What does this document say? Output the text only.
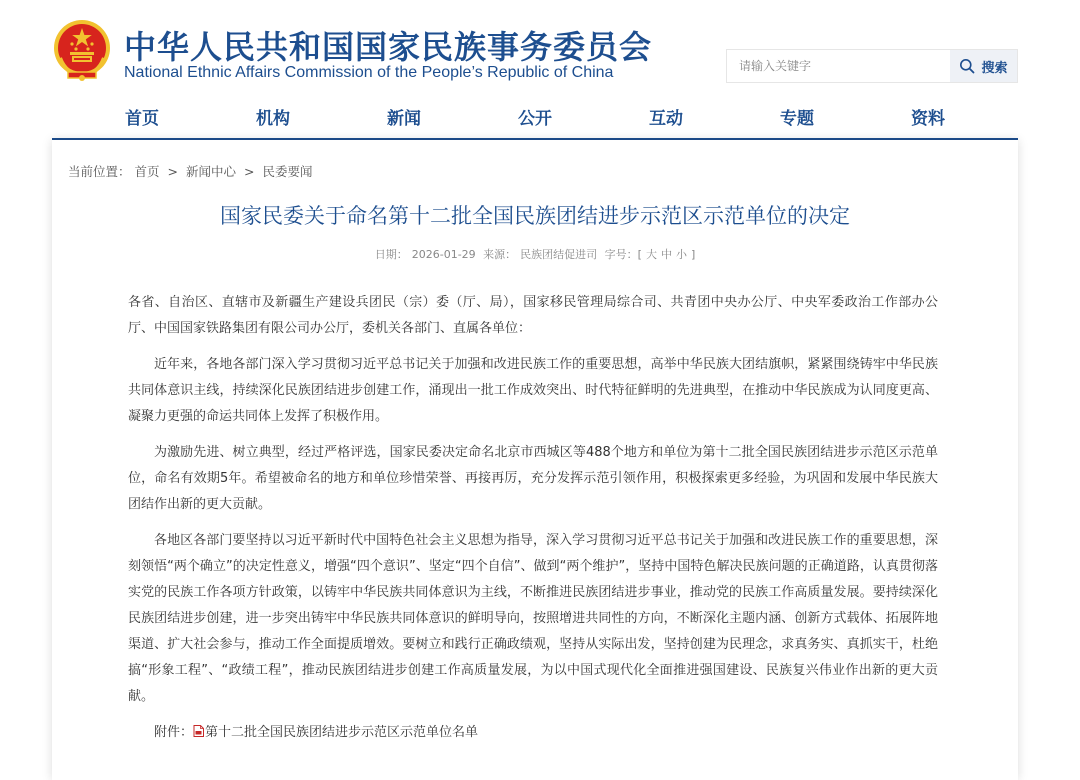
中华人民共和国国家民族事务委员会
National Ethnic Affairs Commission of the People’s Republic of China
请输入关键字	搜索
首页	机构	新闻	公开	互动	专题	资料
当前位置： 首页 > 新闻中心 > 民委要闻
国家民委关于命名第十二批全国民族团结进步示范区示范单位的决定
日期： 2026-01-29 来源： 民族团结促进司 字号：[ 大 中 小 ]

各省、自治区、直辖市及新疆生产建设兵团民（宗）委（厅、局），国家移民管理局综合司、共青团中央办公厅、中央军委政治工作部办公厅、中国国家铁路集团有限公司办公厅，委机关各部门、直属各单位：

近年来，各地各部门深入学习贯彻习近平总书记关于加强和改进民族工作的重要思想，高举中华民族大团结旗帜，紧紧围绕铸牢中华民族共同体意识主线，持续深化民族团结进步创建工作，涌现出一批工作成效突出、时代特征鲜明的先进典型，在推动中华民族成为认同度更高、凝聚力更强的命运共同体上发挥了积极作用。

为激励先进、树立典型，经过严格评选，国家民委决定命名北京市西城区等488个地方和单位为第十二批全国民族团结进步示范区示范单位，命名有效期5年。希望被命名的地方和单位珍惜荣誉、再接再厉，充分发挥示范引领作用，积极探索更多经验，为巩固和发展中华民族大团结作出新的更大贡献。

各地区各部门要坚持以习近平新时代中国特色社会主义思想为指导，深入学习贯彻习近平总书记关于加强和改进民族工作的重要思想，深刻领悟“两个确立”的决定性意义，增强“四个意识”、坚定“四个自信”、做到“两个维护”，坚持中国特色解决民族问题的正确道路，认真贯彻落实党的民族工作各项方针政策，以铸牢中华民族共同体意识为主线，不断推进民族团结进步事业，推动党的民族工作高质量发展。要持续深化民族团结进步创建，进一步突出铸牢中华民族共同体意识的鲜明导向，按照增进共同性的方向，不断深化主题内涵、创新方式载体、拓展阵地渠道、扩大社会参与，推动工作全面提质增效。要树立和践行正确政绩观，坚持从实际出发，坚持创建为民理念，求真务实、真抓实干，杜绝搞“形象工程”、“政绩工程”，推动民族团结进步创建工作高质量发展，为以中国式现代化全面推进强国建设、民族复兴伟业作出新的更大贡献。

附件： 第十二批全国民族团结进步示范区示范单位名单
